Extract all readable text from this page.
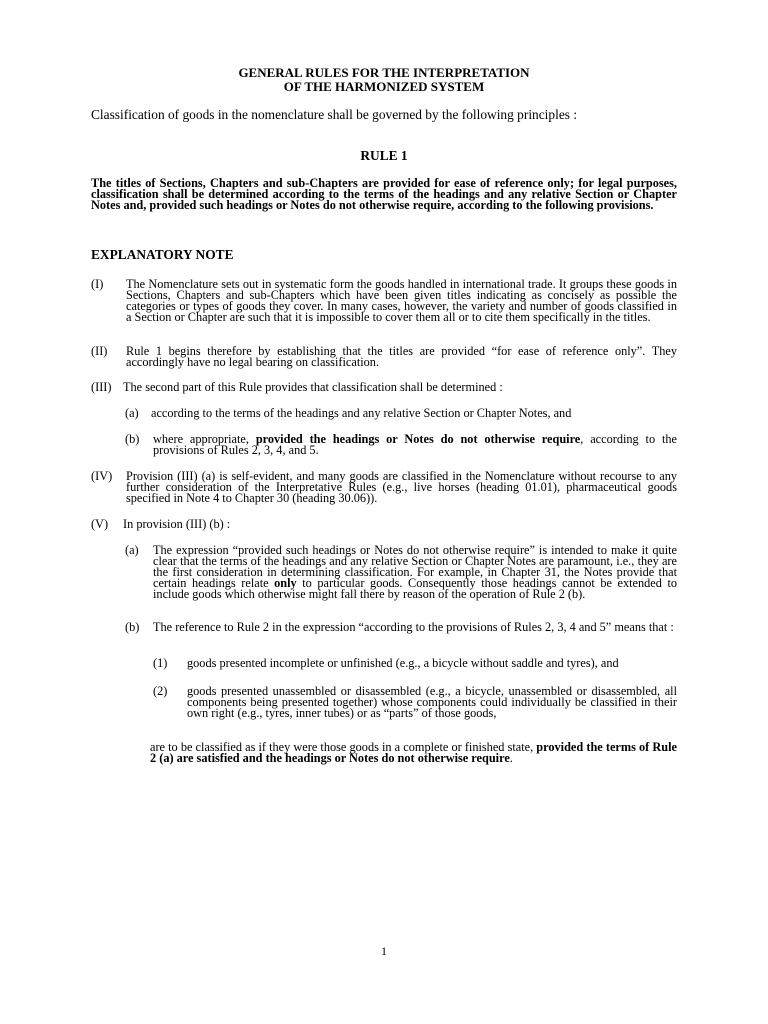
GENERAL RULES FOR THE INTERPRETATION
OF THE HARMONIZED SYSTEM
Classification of goods in the nomenclature shall be governed by the following principles :
RULE 1
The titles of Sections, Chapters and sub-Chapters are provided for ease of reference only; for legal purposes, classification shall be determined according to the terms of the headings and any relative Section or Chapter Notes and, provided such headings or Notes do not otherwise require, according to the following provisions.
EXPLANATORY NOTE
(I) The Nomenclature sets out in systematic form the goods handled in international trade. It groups these goods in Sections, Chapters and sub-Chapters which have been given titles indicating as concisely as possible the categories or types of goods they cover. In many cases, however, the variety and number of goods classified in a Section or Chapter are such that it is impossible to cover them all or to cite them specifically in the titles.
(II) Rule 1 begins therefore by establishing that the titles are provided “for ease of reference only”. They accordingly have no legal bearing on classification.
(III) The second part of this Rule provides that classification shall be determined :
(a) according to the terms of the headings and any relative Section or Chapter Notes, and
(b) where appropriate, provided the headings or Notes do not otherwise require, according to the provisions of Rules 2, 3, 4, and 5.
(IV) Provision (III) (a) is self-evident, and many goods are classified in the Nomenclature without recourse to any further consideration of the Interpretative Rules (e.g., live horses (heading 01.01), pharmaceutical goods specified in Note 4 to Chapter 30 (heading 30.06)).
(V) In provision (III) (b) :
(a) The expression “provided such headings or Notes do not otherwise require” is intended to make it quite clear that the terms of the headings and any relative Section or Chapter Notes are paramount, i.e., they are the first consideration in determining classification. For example, in Chapter 31, the Notes provide that certain headings relate only to particular goods. Consequently those headings cannot be extended to include goods which otherwise might fall there by reason of the operation of Rule 2 (b).
(b) The reference to Rule 2 in the expression “according to the provisions of Rules 2, 3, 4 and 5” means that :
(1) goods presented incomplete or unfinished (e.g., a bicycle without saddle and tyres), and
(2) goods presented unassembled or disassembled (e.g., a bicycle, unassembled or disassembled, all components being presented together) whose components could individually be classified in their own right (e.g., tyres, inner tubes) or as “parts” of those goods,
are to be classified as if they were those goods in a complete or finished state, provided the terms of Rule 2 (a) are satisfied and the headings or Notes do not otherwise require.
1
